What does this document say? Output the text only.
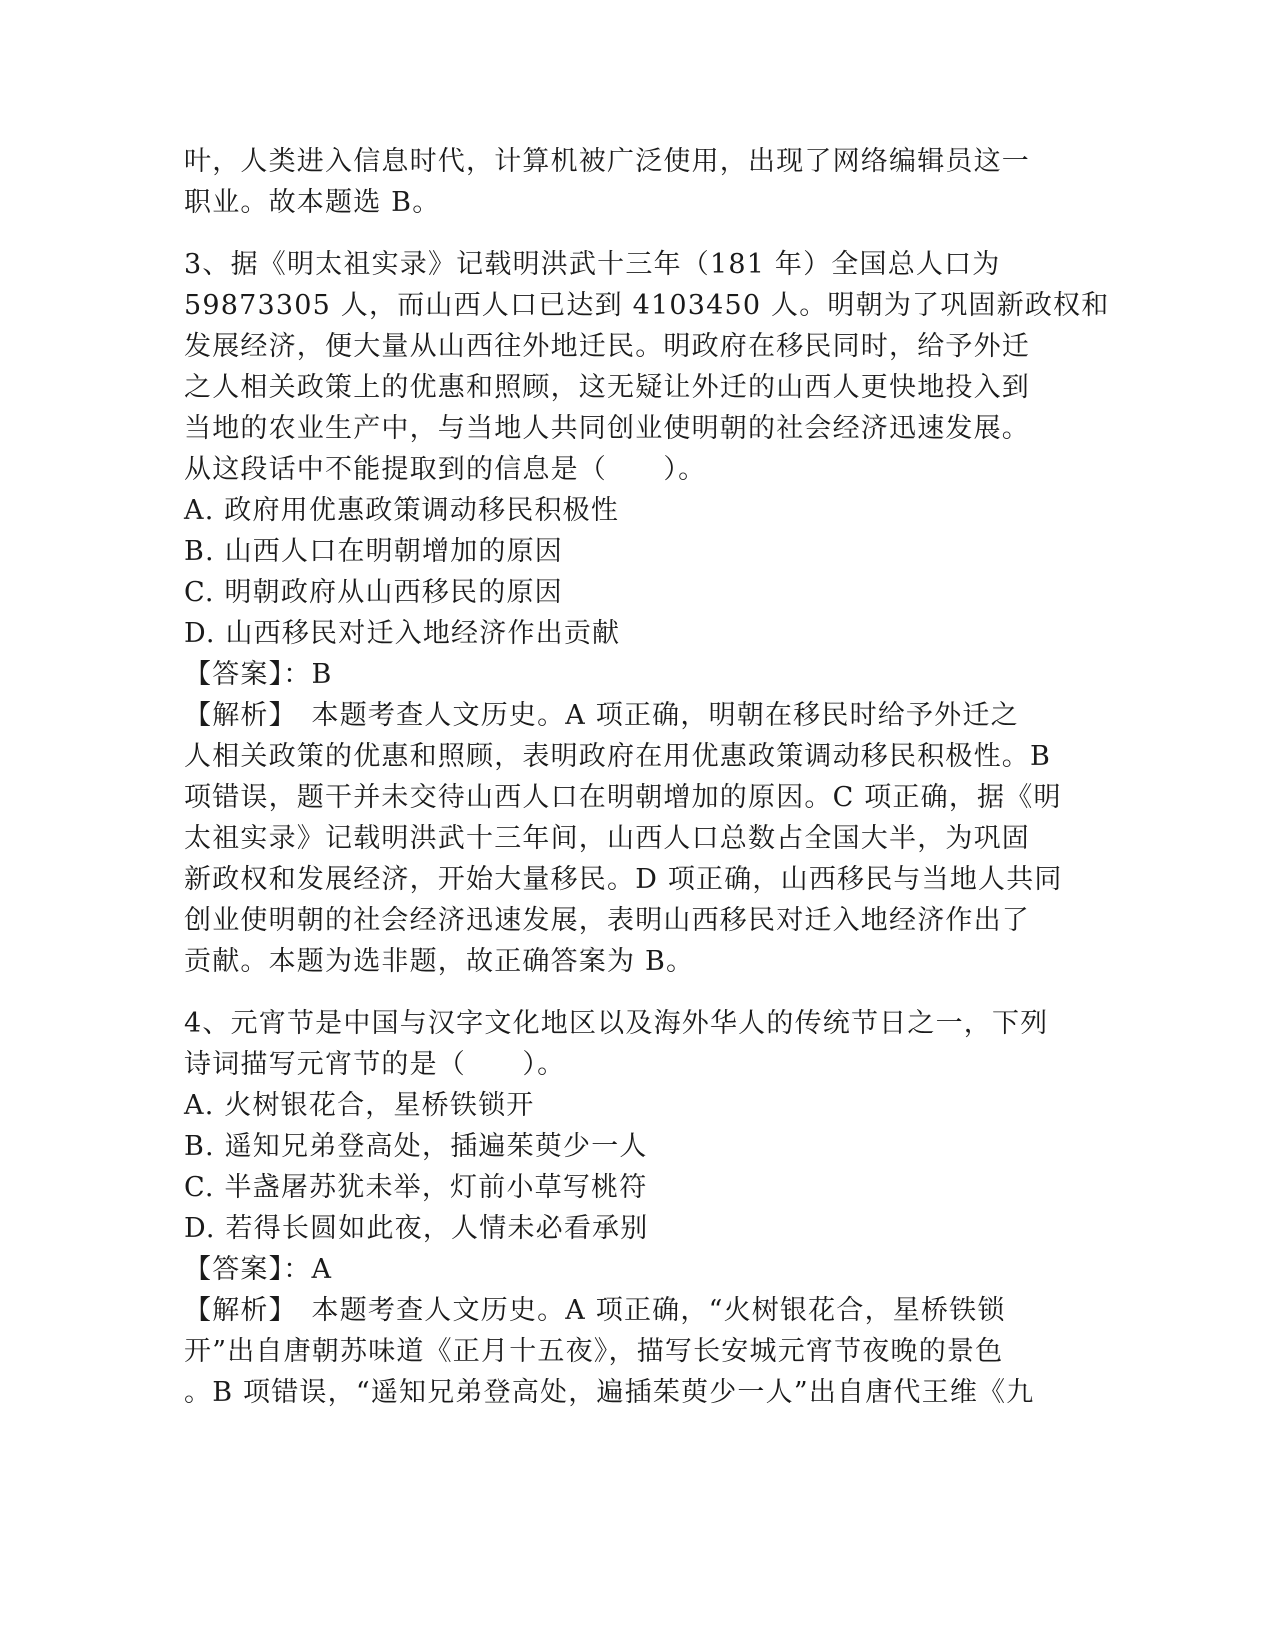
叶，人类进入信息时代，计算机被广泛使用，出现了网络编辑员这一
职业。故本题选 B。
3、据《明太祖实录》记载明洪武十三年（181 年）全国总人口为
59873305 人，而山西人口已达到 4103450 人。明朝为了巩固新政权和
发展经济，便大量从山西往外地迁民。明政府在移民同时，给予外迁
之人相关政策上的优惠和照顾，这无疑让外迁的山西人更快地投入到
当地的农业生产中，与当地人共同创业使明朝的社会经济迅速发展。
从这段话中不能提取到的信息是（　　）。
A. 政府用优惠政策调动移民积极性
B. 山西人口在明朝增加的原因
C. 明朝政府从山西移民的原因
D. 山西移民对迁入地经济作出贡献
【答案】：B
【解析】　本题考查人文历史。A 项正确，明朝在移民时给予外迁之
人相关政策的优惠和照顾，表明政府在用优惠政策调动移民积极性。B
项错误，题干并未交待山西人口在明朝增加的原因。C 项正确，据《明
太祖实录》记载明洪武十三年间，山西人口总数占全国大半，为巩固
新政权和发展经济，开始大量移民。D 项正确，山西移民与当地人共同
创业使明朝的社会经济迅速发展，表明山西移民对迁入地经济作出了
贡献。本题为选非题，故正确答案为 B。
4、元宵节是中国与汉字文化地区以及海外华人的传统节日之一，下列
诗词描写元宵节的是（　　）。
A. 火树银花合，星桥铁锁开
B. 遥知兄弟登高处，插遍茱萸少一人
C. 半盏屠苏犹未举，灯前小草写桃符
D. 若得长圆如此夜，人情未必看承别
【答案】：A
【解析】　本题考查人文历史。A 项正确，“火树银花合，星桥铁锁
开”出自唐朝苏味道《正月十五夜》，描写长安城元宵节夜晚的景色
。B 项错误，“遥知兄弟登高处，遍插茱萸少一人”出自唐代王维《九
